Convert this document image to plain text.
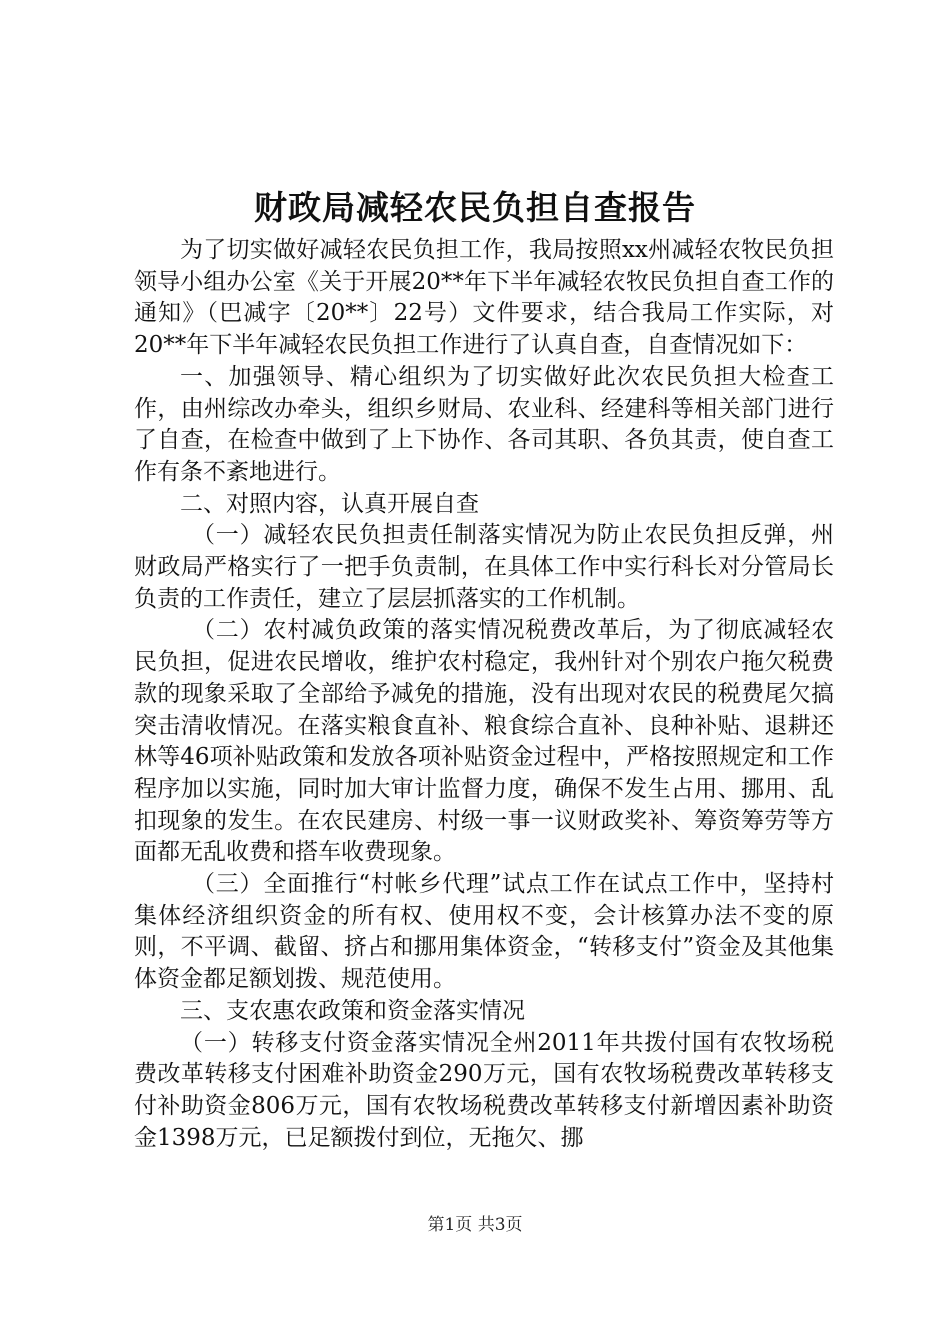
财政局减轻农民负担自查报告

为了切实做好减轻农民负担工作，我局按照xx州减轻农牧民负担领导小组办公室《关于开展20**年下半年减轻农牧民负担自查工作的通知》（巴减字〔20**〕22号）文件要求，结合我局工作实际，对20**年下半年减轻农民负担工作进行了认真自查，自查情况如下：

一、加强领导、精心组织为了切实做好此次农民负担大检查工作，由州综改办牵头，组织乡财局、农业科、经建科等相关部门进行了自查，在检查中做到了上下协作、各司其职、各负其责，使自查工作有条不紊地进行。

二、对照内容，认真开展自查

（一）减轻农民负担责任制落实情况为防止农民负担反弹，州财政局严格实行了一把手负责制，在具体工作中实行科长对分管局长负责的工作责任，建立了层层抓落实的工作机制。

（二）农村减负政策的落实情况税费改革后，为了彻底减轻农民负担，促进农民增收，维护农村稳定，我州针对个别农户拖欠税费款的现象采取了全部给予减免的措施，没有出现对农民的税费尾欠搞突击清收情况。在落实粮食直补、粮食综合直补、良种补贴、退耕还林等46项补贴政策和发放各项补贴资金过程中，严格按照规定和工作程序加以实施，同时加大审计监督力度，确保不发生占用、挪用、乱扣现象的发生。在农民建房、村级一事一议财政奖补、筹资筹劳等方面都无乱收费和搭车收费现象。

（三）全面推行“村帐乡代理”试点工作在试点工作中，坚持村集体经济组织资金的所有权、使用权不变，会计核算办法不变的原则，不平调、截留、挤占和挪用集体资金，“转移支付”资金及其他集体资金都足额划拨、规范使用。

三、支农惠农政策和资金落实情况

（一）转移支付资金落实情况全州2011年共拨付国有农牧场税费改革转移支付困难补助资金290万元，国有农牧场税费改革转移支付补助资金806万元，国有农牧场税费改革转移支付新增因素补助资金1398万元，已足额拨付到位，无拖欠、挪

第1页 共3页
